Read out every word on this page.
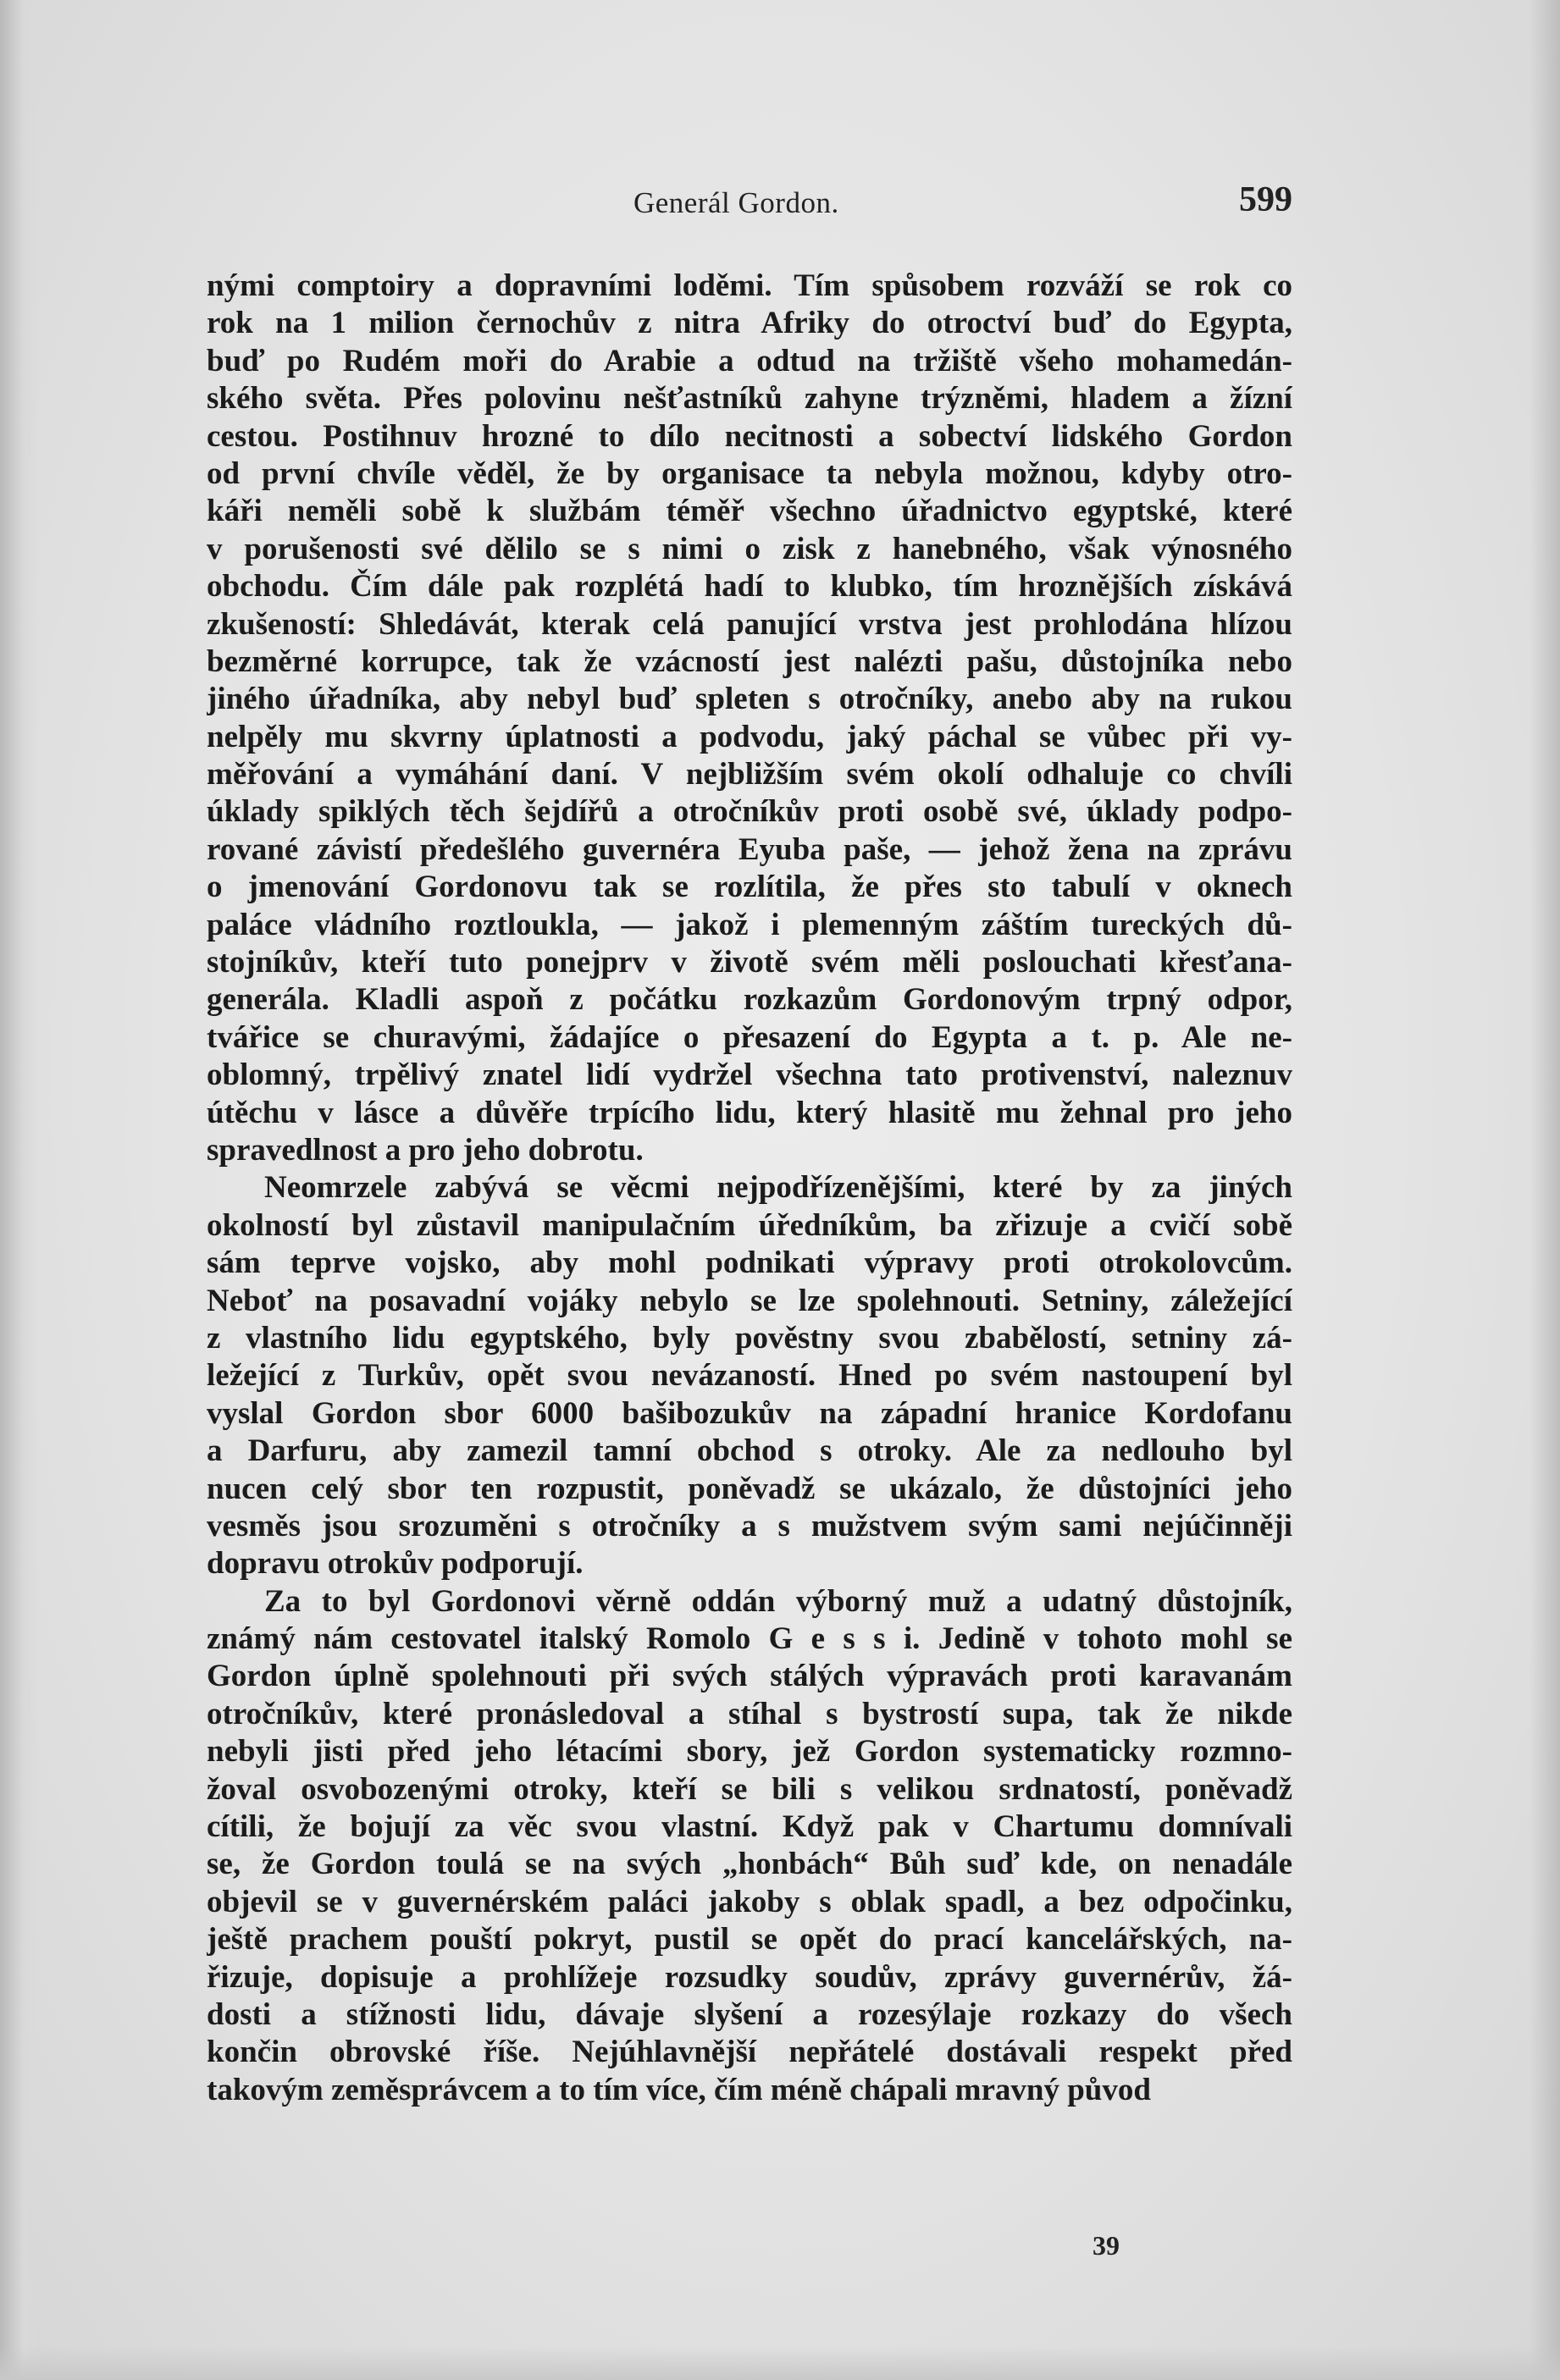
Generál Gordon.	599
nými comptoiry a dopravními loděmi. Tím spůsobem rozváží se rok co
rok na 1 milion černochův z nitra Afriky do otroctví buď do Egypta,
buď po Rudém moři do Arabie a odtud na tržiště všeho mohamedán-
ského světa. Přes polovinu nešťastníků zahyne trýzněmi, hladem a žízní
cestou. Postihnuv hrozné to dílo necitnosti a sobectví lidského Gordon
od první chvíle věděl, že by organisace ta nebyla možnou, kdyby otro-
káři neměli sobě k službám téměř všechno úřadnictvo egyptské, které
v porušenosti své dělilo se s nimi o zisk z hanebného, však výnosného
obchodu. Čím dále pak rozplétá hadí to klubko, tím hroznějších získává
zkušeností: Shledávát, kterak celá panující vrstva jest prohlodána hlízou
bezměrné korrupce, tak že vzácností jest nalézti pašu, důstojníka nebo
jiného úřadníka, aby nebyl buď spleten s otročníky, anebo aby na rukou
nelpěly mu skvrny úplatnosti a podvodu, jaký páchal se vůbec při vy-
měřování a vymáhání daní. V nejbližším svém okolí odhaluje co chvíli
úklady spiklých těch šejdířů a otročníkův proti osobě své, úklady podpo-
rované závistí předešlého guvernéra Eyuba paše, — jehož žena na zprávu
o jmenování Gordonovu tak se rozlítila, že přes sto tabulí v oknech
paláce vládního roztloukla, — jakož i plemenným záštím tureckých dů-
stojníkův, kteří tuto ponejprv v životě svém měli poslouchati křesťana-
generála. Kladli aspoň z počátku rozkazům Gordonovým trpný odpor,
tvářice se churavými, žádajíce o přesazení do Egypta a t. p. Ale ne-
oblomný, trpělivý znatel lidí vydržel všechna tato protivenství, naleznuv
útěchu v lásce a důvěře trpícího lidu, který hlasitě mu žehnal pro jeho
spravedlnost a pro jeho dobrotu.
Neomrzele zabývá se věcmi nejpodřízenějšími, které by za jiných
okolností byl zůstavil manipulačním úředníkům, ba zřizuje a cvičí sobě
sám teprve vojsko, aby mohl podnikati výpravy proti otrokolovcům.
Neboť na posavadní vojáky nebylo se lze spolehnouti. Setniny, záležející
z vlastního lidu egyptského, byly pověstny svou zbabělostí, setniny zá-
ležející z Turkův, opět svou nevázaností. Hned po svém nastoupení byl
vyslal Gordon sbor 6000 bašibozukův na západní hranice Kordofanu
a Darfuru, aby zamezil tamní obchod s otroky. Ale za nedlouho byl
nucen celý sbor ten rozpustit, poněvadž se ukázalo, že důstojníci jeho
vesměs jsou srozuměni s otročníky a s mužstvem svým sami nejúčinněji
dopravu otrokův podporují.
Za to byl Gordonovi věrně oddán výborný muž a udatný důstojník,
známý nám cestovatel italský Romolo G e s s i. Jedině v tohoto mohl se
Gordon úplně spolehnouti při svých stálých výpravách proti karavanám
otročníkův, které pronásledoval a stíhal s bystrostí supa, tak že nikde
nebyli jisti před jeho létacími sbory, jež Gordon systematicky rozmno-
žoval osvobozenými otroky, kteří se bili s velikou srdnatostí, poněvadž
cítili, že bojují za věc svou vlastní. Když pak v Chartumu domnívali
se, že Gordon toulá se na svých „honbách“ Bůh suď kde, on nenadále
objevil se v guvernérském paláci jakoby s oblak spadl, a bez odpočinku,
ještě prachem pouští pokryt, pustil se opět do prací kancelářských, na-
řizuje, dopisuje a prohlížeje rozsudky soudův, zprávy guvernérův, žá-
dosti a stížnosti lidu, dávaje slyšení a rozesýlaje rozkazy do všech
končin obrovské říše. Nejúhlavnější nepřátelé dostávali respekt před
takovým zeměsprávcem a to tím více, čím méně chápali mravný původ
39
